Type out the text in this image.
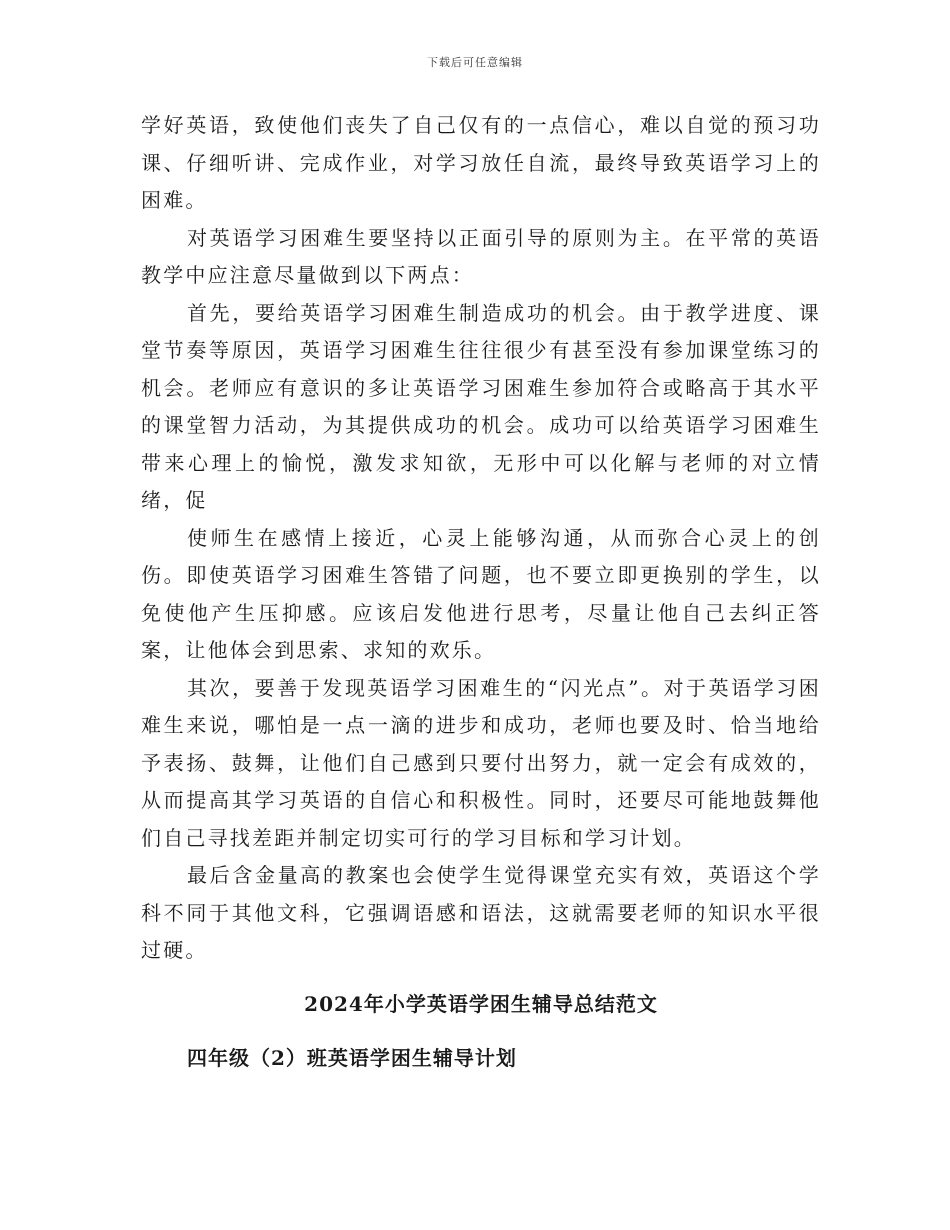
下载后可任意编辑

学好英语，致使他们丧失了自己仅有的一点信心，难以自觉的预习功课、仔细听讲、完成作业，对学习放任自流，最终导致英语学习上的困难。

对英语学习困难生要坚持以正面引导的原则为主。在平常的英语教学中应注意尽量做到以下两点：

首先，要给英语学习困难生制造成功的机会。由于教学进度、课堂节奏等原因，英语学习困难生往往很少有甚至没有参加课堂练习的机会。老师应有意识的多让英语学习困难生参加符合或略高于其水平的课堂智力活动，为其提供成功的机会。成功可以给英语学习困难生带来心理上的愉悦，激发求知欲，无形中可以化解与老师的对立情绪，促

使师生在感情上接近，心灵上能够沟通，从而弥合心灵上的创伤。即使英语学习困难生答错了问题，也不要立即更换别的学生，以免使他产生压抑感。应该启发他进行思考，尽量让他自己去纠正答案，让他体会到思索、求知的欢乐。

其次，要善于发现英语学习困难生的“闪光点”。对于英语学习困难生来说，哪怕是一点一滴的进步和成功，老师也要及时、恰当地给予表扬、鼓舞，让他们自己感到只要付出努力，就一定会有成效的，从而提高其学习英语的自信心和积极性。同时，还要尽可能地鼓舞他们自己寻找差距并制定切实可行的学习目标和学习计划。

最后含金量高的教案也会使学生觉得课堂充实有效，英语这个学科不同于其他文科，它强调语感和语法，这就需要老师的知识水平很过硬。

2024年小学英语学困生辅导总结范文
四年级（2）班英语学困生辅导计划
